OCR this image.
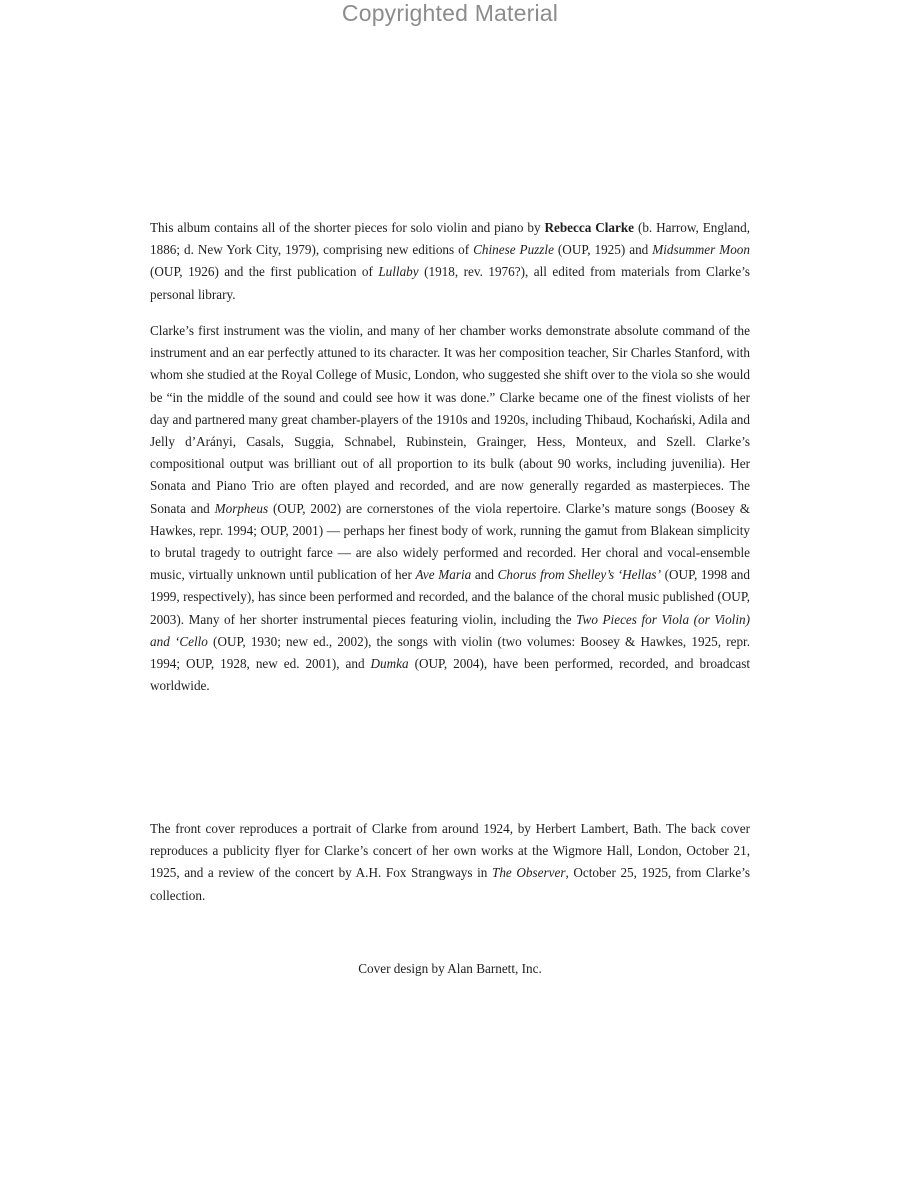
Copyrighted Material

This album contains all of the shorter pieces for solo violin and piano by Rebecca Clarke (b. Harrow, England, 1886; d. New York City, 1979), comprising new editions of Chinese Puzzle (OUP, 1925) and Midsummer Moon (OUP, 1926) and the first publication of Lullaby (1918, rev. 1976?), all edited from materials from Clarke’s personal library.

Clarke’s first instrument was the violin, and many of her chamber works demonstrate absolute command of the instrument and an ear perfectly attuned to its character. It was her composition teacher, Sir Charles Stanford, with whom she studied at the Royal College of Music, London, who suggested she shift over to the viola so she would be “in the middle of the sound and could see how it was done.” Clarke became one of the finest violists of her day and partnered many great chamber-players of the 1910s and 1920s, including Thibaud, Kochański, Adila and Jelly d’Arányi, Casals, Suggia, Schnabel, Rubinstein, Grainger, Hess, Monteux, and Szell. Clarke’s compositional output was brilliant out of all proportion to its bulk (about 90 works, including juvenilia). Her Sonata and Piano Trio are often played and recorded, and are now generally regarded as masterpieces. The Sonata and Morpheus (OUP, 2002) are cornerstones of the viola repertoire. Clarke’s mature songs (Boosey & Hawkes, repr. 1994; OUP, 2001) — perhaps her finest body of work, running the gamut from Blakean simplicity to brutal tragedy to outright farce — are also widely performed and recorded. Her choral and vocal-ensemble music, virtually unknown until publication of her Ave Maria and Chorus from Shelley’s ‘Hellas’ (OUP, 1998 and 1999, respectively), has since been performed and recorded, and the balance of the choral music published (OUP, 2003). Many of her shorter instrumental pieces featuring violin, including the Two Pieces for Viola (or Violin) and ‘Cello (OUP, 1930; new ed., 2002), the songs with violin (two volumes: Boosey & Hawkes, 1925, repr. 1994; OUP, 1928, new ed. 2001), and Dumka (OUP, 2004), have been performed, recorded, and broadcast worldwide.

The front cover reproduces a portrait of Clarke from around 1924, by Herbert Lambert, Bath. The back cover reproduces a publicity flyer for Clarke’s concert of her own works at the Wigmore Hall, London, October 21, 1925, and a review of the concert by A.H. Fox Strangways in The Observer, October 25, 1925, from Clarke’s collection.

Cover design by Alan Barnett, Inc.
